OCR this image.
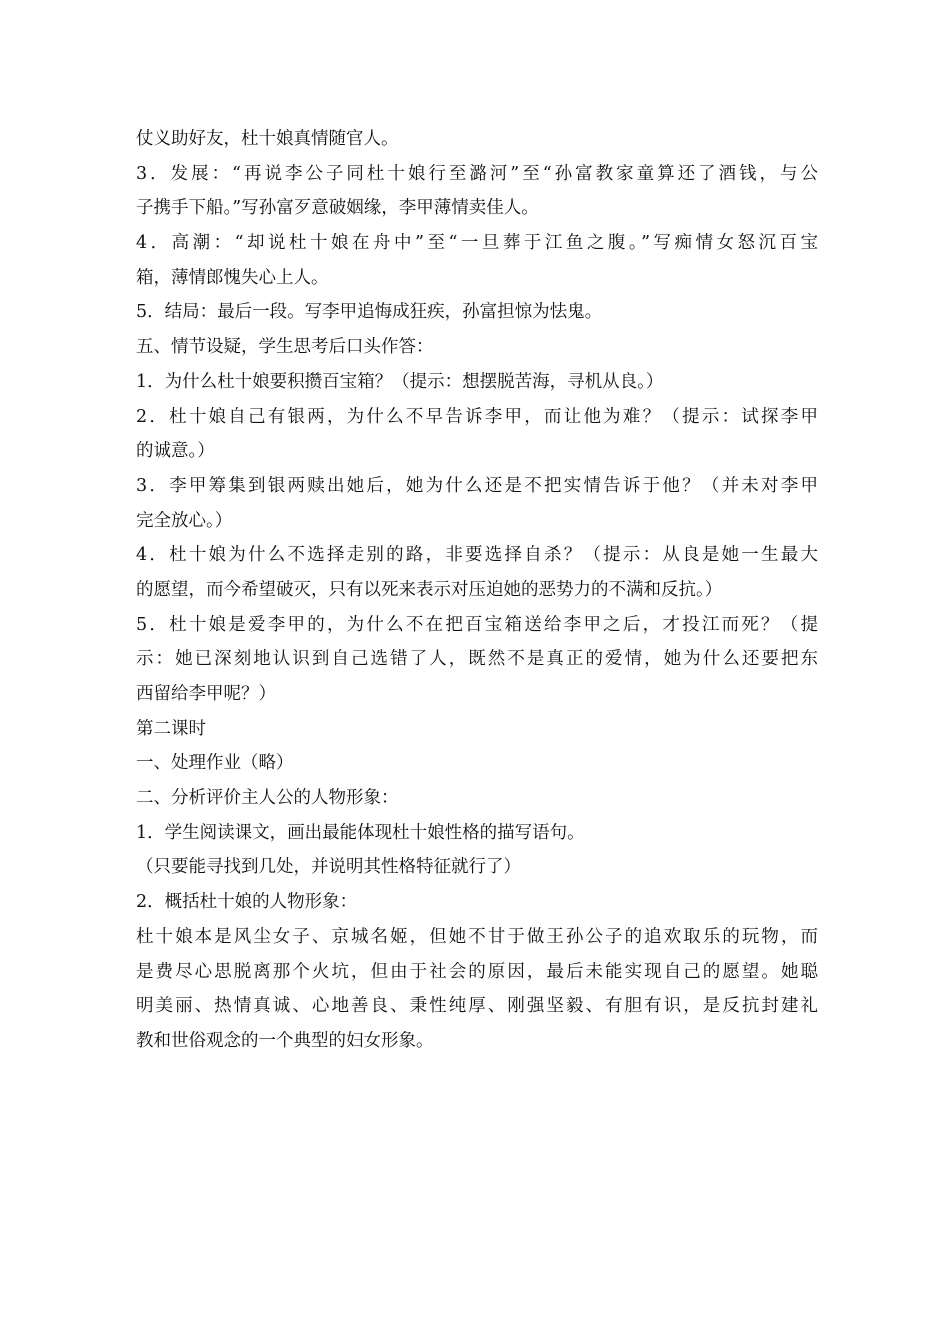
仗义助好友，杜十娘真情随官人。
3．发展：“再说李公子同杜十娘行至潞河”至“孙富教家童算还了酒钱，与公
子携手下船。”写孙富歹意破姻缘，李甲薄情卖佳人。
4．高潮：“却说杜十娘在舟中”至“一旦葬于江鱼之腹。”写痴情女怒沉百宝
箱，薄情郎愧失心上人。
5．结局：最后一段。写李甲追悔成狂疾，孙富担惊为怯鬼。
五、情节设疑，学生思考后口头作答：
1．为什么杜十娘要积攒百宝箱？（提示：想摆脱苦海，寻机从良。）
2．杜十娘自己有银两，为什么不早告诉李甲，而让他为难？（提示：试探李甲
的诚意。）
3．李甲筹集到银两赎出她后，她为什么还是不把实情告诉于他？（并未对李甲
完全放心。）
4．杜十娘为什么不选择走别的路，非要选择自杀？（提示：从良是她一生最大
的愿望，而今希望破灭，只有以死来表示对压迫她的恶势力的不满和反抗。）
5．杜十娘是爱李甲的，为什么不在把百宝箱送给李甲之后，才投江而死？（提
示：她已深刻地认识到自己选错了人，既然不是真正的爱情，她为什么还要把东
西留给李甲呢？）
第二课时
一、处理作业（略）
二、分析评价主人公的人物形象：
1．学生阅读课文，画出最能体现杜十娘性格的描写语句。
（只要能寻找到几处，并说明其性格特征就行了）
2．概括杜十娘的人物形象：
杜十娘本是风尘女子、京城名姬，但她不甘于做王孙公子的追欢取乐的玩物，而
是费尽心思脱离那个火坑，但由于社会的原因，最后未能实现自己的愿望。她聪
明美丽、热情真诚、心地善良、秉性纯厚、刚强坚毅、有胆有识，是反抗封建礼
教和世俗观念的一个典型的妇女形象。
